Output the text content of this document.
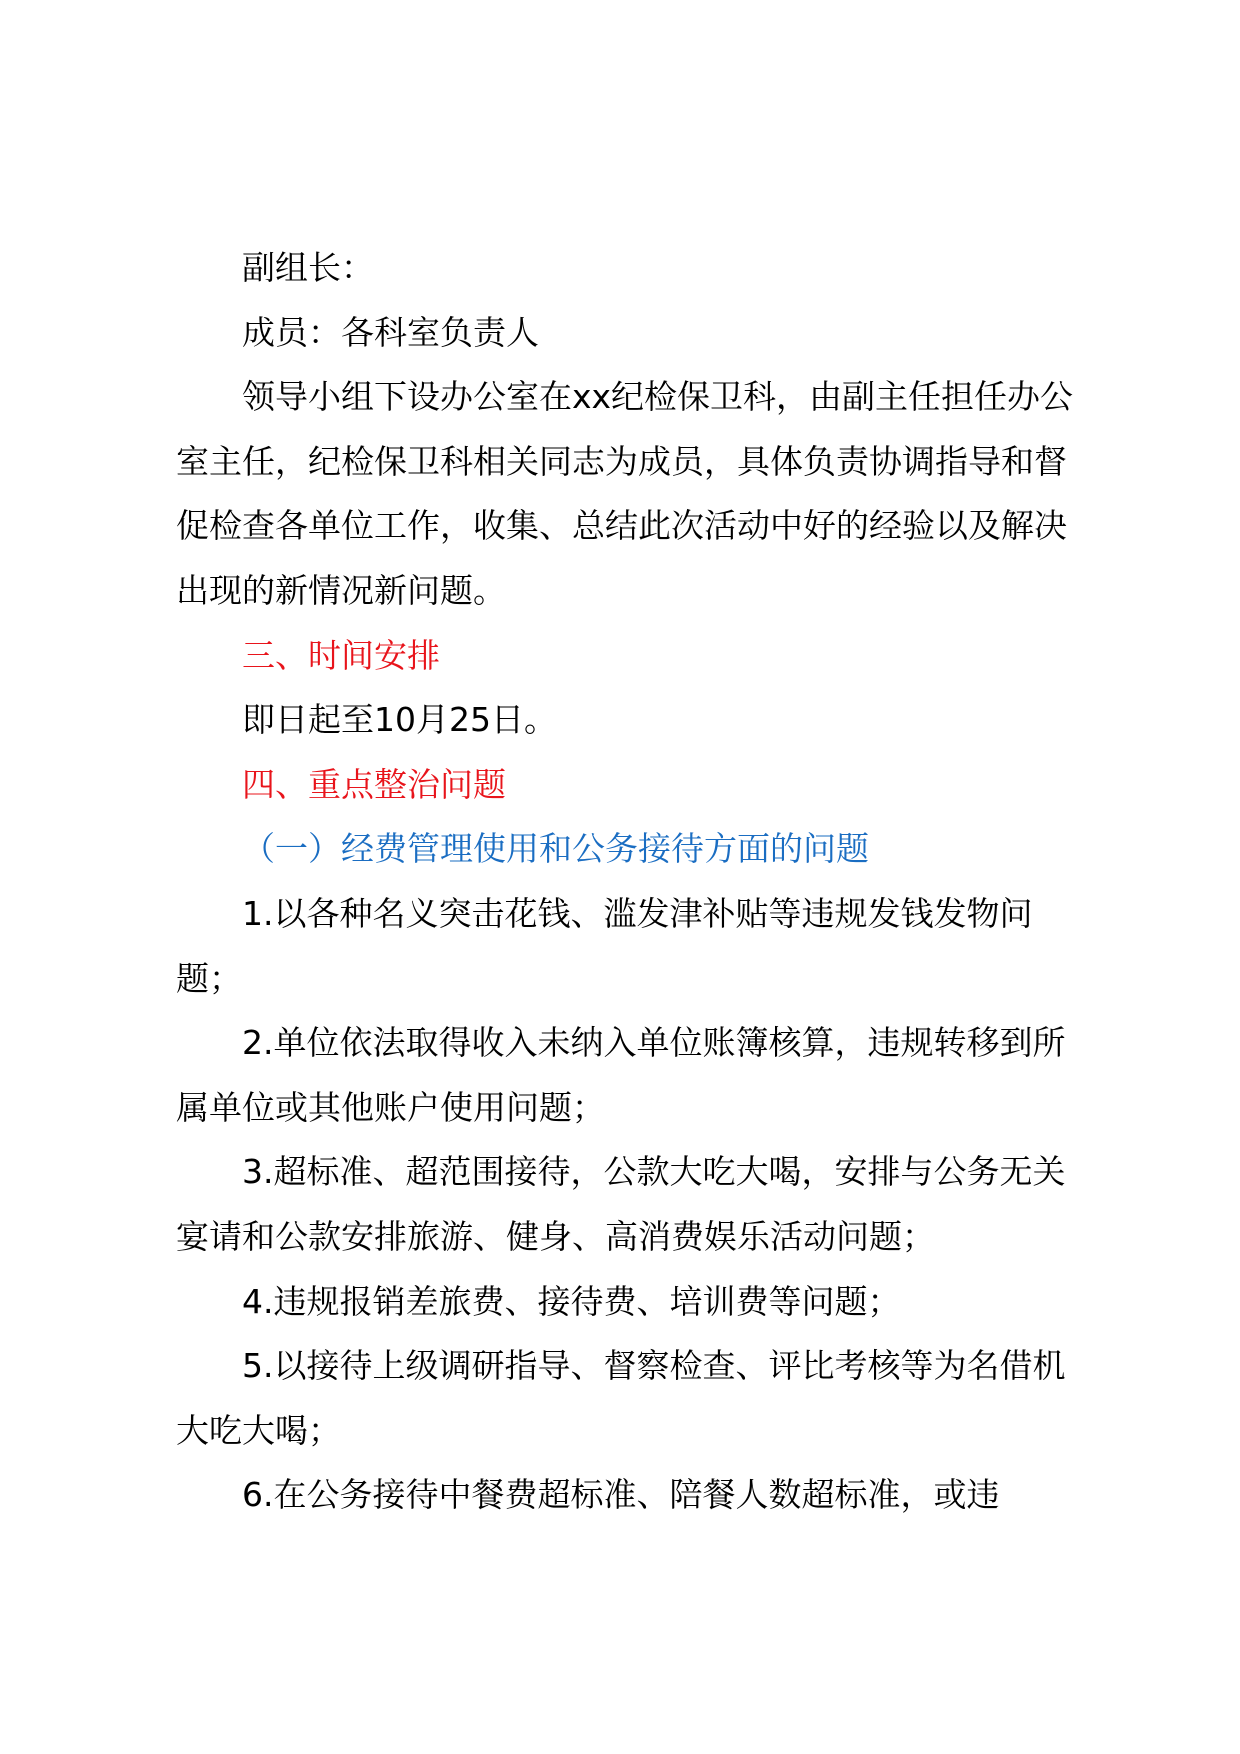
副组长：

成员：各科室负责人

领导小组下设办公室在xx纪检保卫科，由副主任担任办公室主任，纪检保卫科相关同志为成员，具体负责协调指导和督促检查各单位工作，收集、总结此次活动中好的经验以及解决出现的新情况新问题。

三、时间安排

即日起至10月25日。

四、重点整治问题

（一）经费管理使用和公务接待方面的问题

1.以各种名义突击花钱、滥发津补贴等违规发钱发物问题；

2.单位依法取得收入未纳入单位账簿核算，违规转移到所属单位或其他账户使用问题；

3.超标准、超范围接待，公款大吃大喝，安排与公务无关宴请和公款安排旅游、健身、高消费娱乐活动问题；

4.违规报销差旅费、接待费、培训费等问题；

5.以接待上级调研指导、督察检查、评比考核等为名借机大吃大喝；

6.在公务接待中餐费超标准、陪餐人数超标准，或违
